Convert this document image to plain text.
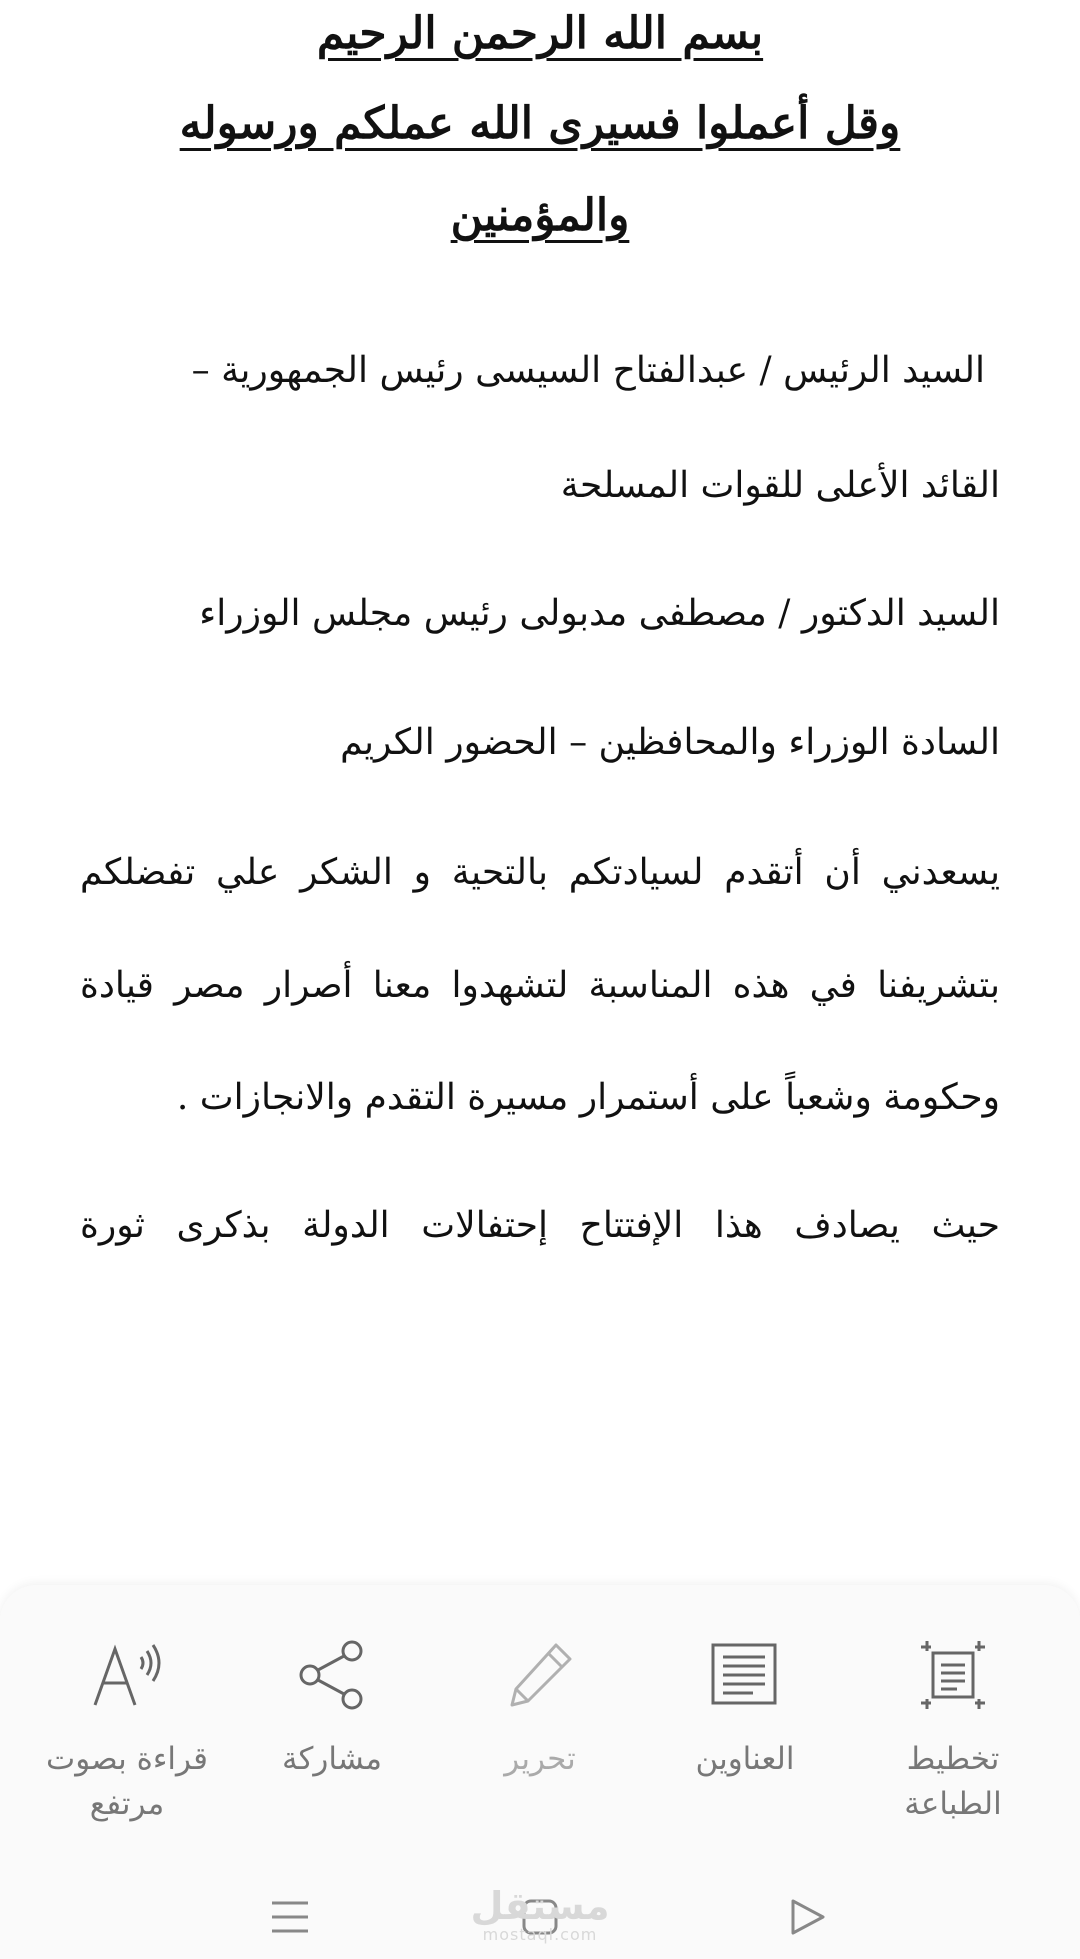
بسم الله الرحمن الرحيم
وقل أعملوا فسيرى الله عملكم ورسوله
والمؤمنين
السيد الرئيس / عبدالفتاح السيسى رئيس الجمهورية –
القائد الأعلى للقوات المسلحة
السيد الدكتور / مصطفى مدبولى رئيس مجلس الوزراء
السادة الوزراء والمحافظين – الحضور الكريم
يسعدني أن أتقدم لسيادتكم بالتحية و الشكر علي تفضلكم
بتشريفنا في هذه المناسبة لتشهدوا معنا أصرار مصر قيادة
وحكومة وشعباً على أستمرار مسيرة التقدم والانجازات .
حيث يصادف هذا الإفتتاح إحتفالات الدولة بذكرى ثورة
تخطيط الطباعة
العناوين
تحرير
مشاركة
قراءة بصوت مرتفع
مستقل
mostaql.com
